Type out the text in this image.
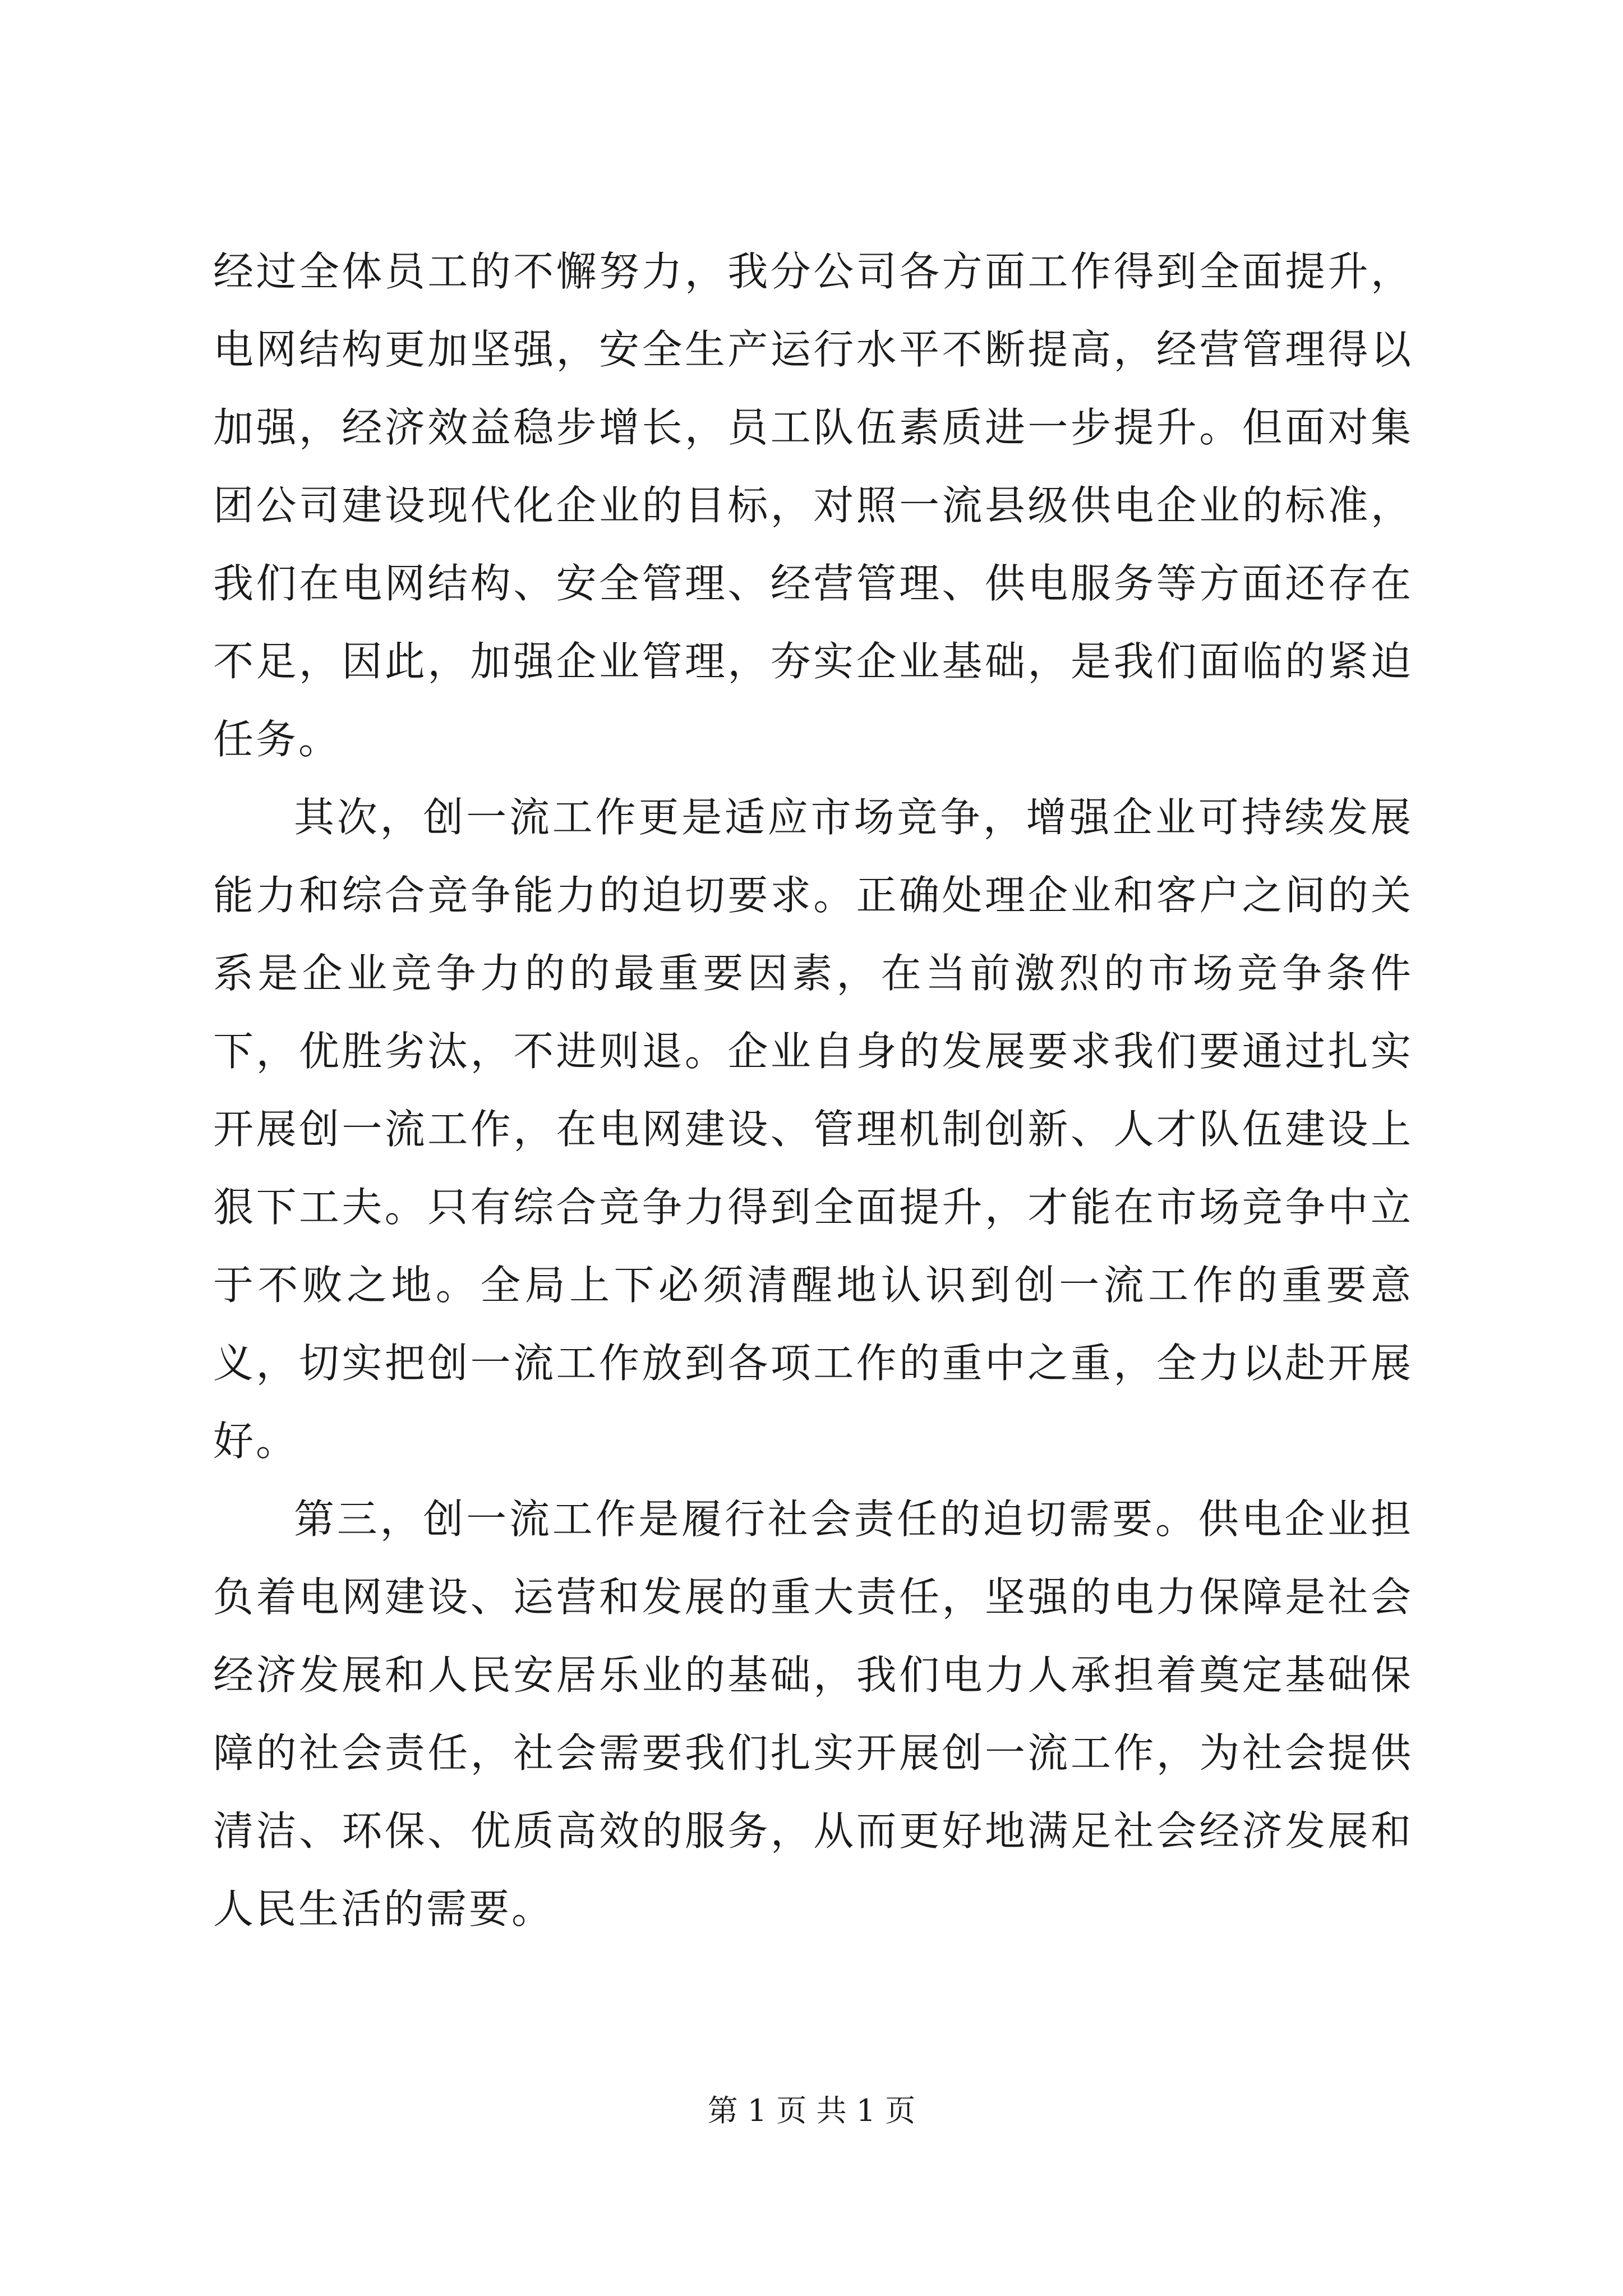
经过全体员工的不懈努力，我分公司各方面工作得到全面提升，电网结构更加坚强，安全生产运行水平不断提高，经营管理得以加强，经济效益稳步增长，员工队伍素质进一步提升。但面对集团公司建设现代化企业的目标，对照一流县级供电企业的标准，我们在电网结构、安全管理、经营管理、供电服务等方面还存在不足，因此，加强企业管理，夯实企业基础，是我们面临的紧迫任务。

其次，创一流工作更是适应市场竞争，增强企业可持续发展能力和综合竞争能力的迫切要求。正确处理企业和客户之间的关系是企业竞争力的的最重要因素，在当前激烈的市场竞争条件下，优胜劣汰，不进则退。企业自身的发展要求我们要通过扎实开展创一流工作，在电网建设、管理机制创新、人才队伍建设上狠下工夫。只有综合竞争力得到全面提升，才能在市场竞争中立于不败之地。全局上下必须清醒地认识到创一流工作的重要意义，切实把创一流工作放到各项工作的重中之重，全力以赴开展好。

第三，创一流工作是履行社会责任的迫切需要。供电企业担负着电网建设、运营和发展的重大责任，坚强的电力保障是社会经济发展和人民安居乐业的基础，我们电力人承担着奠定基础保障的社会责任，社会需要我们扎实开展创一流工作，为社会提供清洁、环保、优质高效的服务，从而更好地满足社会经济发展和人民生活的需要。

第 1 页 共 1 页
